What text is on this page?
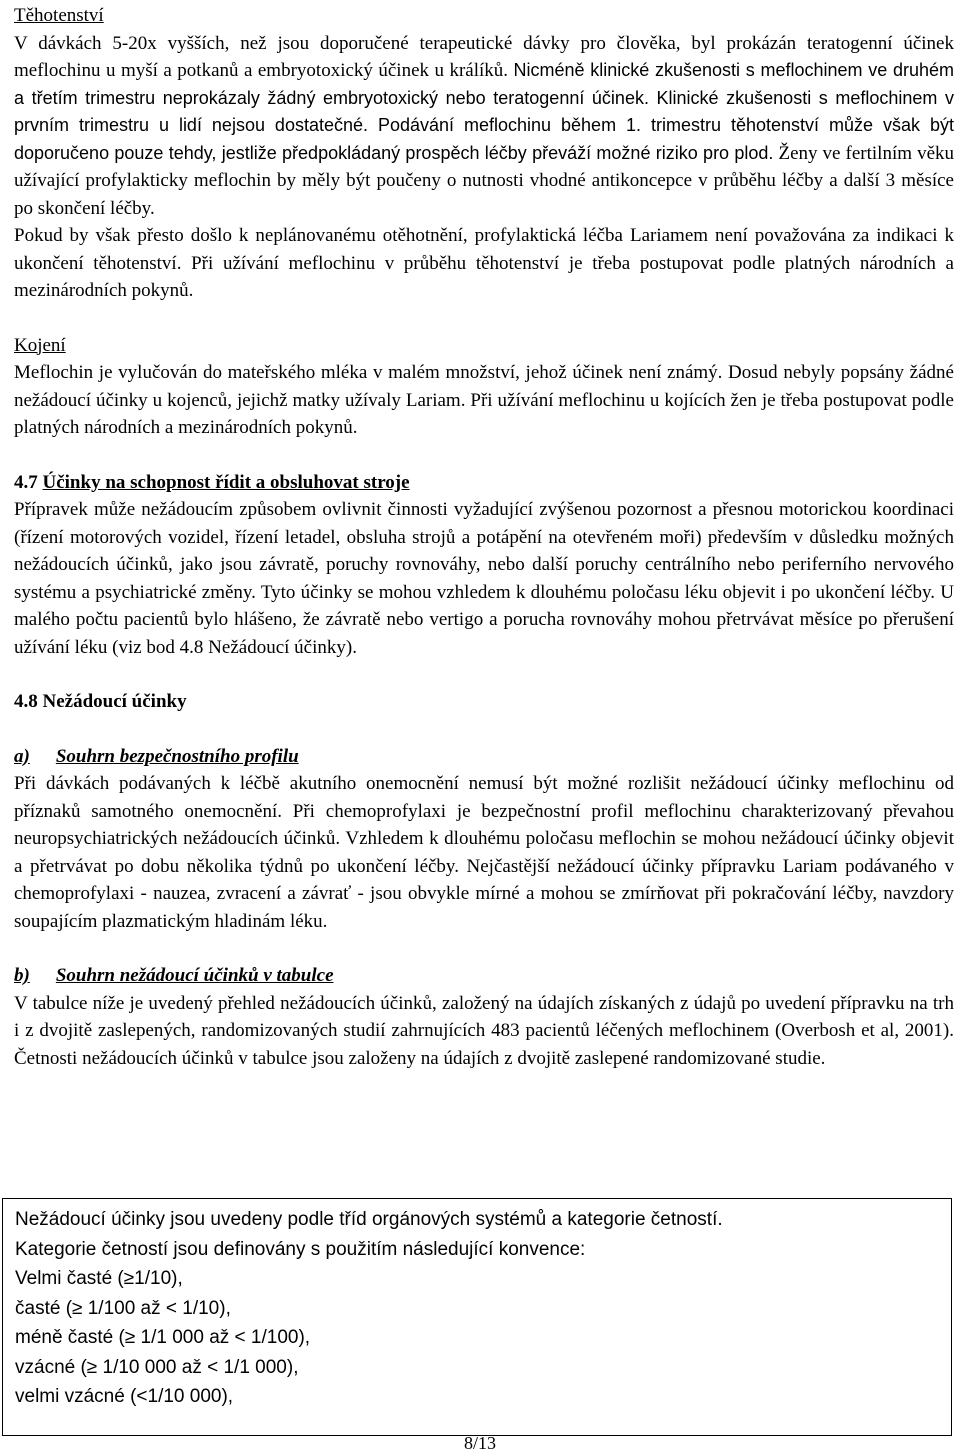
Těhotenství

V dávkách 5-20x vyšších, než jsou doporučené terapeutické dávky pro člověka, byl prokázán teratogenní účinek meflochinu u myší a potkanů a embryotoxický účinek u králíků. Nicméně klinické zkušenosti s meflochinem ve druhém a třetím trimestru neprokázaly žádný embryotoxický nebo teratogenní účinek. Klinické zkušenosti s meflochinem v prvním trimestru u lidí nejsou dostatečné. Podávání meflochinu během 1. trimestru těhotenství může však být doporučeno pouze tehdy, jestliže předpokládaný prospěch léčby převáží možné riziko pro plod. Ženy ve fertilním věku užívající profylakticky meflochin by měly být poučeny o nutnosti vhodné antikoncepce v průběhu léčby a další 3 měsíce po skončení léčby.

Pokud by však přesto došlo k neplánovanému otěhotnění, profylaktická léčba Lariamem není považována za indikaci k ukončení těhotenství. Při užívání meflochinu v průběhu těhotenství je třeba postupovat podle platných národních a mezinárodních pokynů.

Kojení

Meflochin je vylučován do mateřského mléka v malém množství, jehož účinek není známý. Dosud nebyly popsány žádné nežádoucí účinky u kojenců, jejichž matky užívaly Lariam. Při užívání meflochinu u kojících žen je třeba postupovat podle platných národních a mezinárodních pokynů.

4.7 Účinky na schopnost řídit a obsluhovat stroje

Přípravek může nežádoucím způsobem ovlivnit činnosti vyžadující zvýšenou pozornost a přesnou motorickou koordinaci (řízení motorových vozidel, řízení letadel, obsluha strojů a potápění na otevřeném moři) především v důsledku možných nežádoucích účinků, jako jsou závratě, poruchy rovnováhy, nebo další poruchy centrálního nebo periferního nervového systému a psychiatrické změny. Tyto účinky se mohou vzhledem k dlouhému poločasu léku objevit i po ukončení léčby. U malého počtu pacientů bylo hlášeno, že závratě nebo vertigo a porucha rovnováhy mohou přetrvávat měsíce po přerušení užívání léku (viz bod 4.8 Nežádoucí účinky).

4.8 Nežádoucí účinky

a) Souhrn bezpečnostního profilu

Při dávkách podávaných k léčbě akutního onemocnění nemusí být možné rozlišit nežádoucí účinky meflochinu od příznaků samotného onemocnění. Při chemoprofylaxi je bezpečnostní profil meflochinu charakterizovaný převahou neuropsychiatrických nežádoucích účinků. Vzhledem k dlouhému poločasu meflochin se mohou nežádoucí účinky objevit a přetrvávat po dobu několika týdnů po ukončení léčby. Nejčastější nežádoucí účinky přípravku Lariam podávaného v chemoprofylaxi - nauzea, zvracení a závrať - jsou obvykle mírné a mohou se zmírňovat při pokračování léčby, navzdory soupajícím plazmatickým hladinám léku.

b) Souhrn nežádoucí účinků v tabulce

V tabulce níže je uvedený přehled nežádoucích účinků, založený na údajích získaných z údajů po uvedení přípravku na trh i z dvojitě zaslepených, randomizovaných studií zahrnujících 483 pacientů léčených meflochinem (Overbosh et al, 2001). Četnosti nežádoucích účinků v tabulce jsou založeny na údajích z dvojitě zaslepené randomizované studie.

Nežádoucí účinky jsou uvedeny podle tříd orgánových systémů a kategorie četností.
Kategorie četností jsou definovány s použitím následující konvence:
Velmi časté (≥1/10),
časté (≥ 1/100 až < 1/10),
méně časté (≥ 1/1 000 až < 1/100),
vzácné (≥ 1/10 000 až < 1/1 000),
velmi vzácné (<1/10 000),
8/13
